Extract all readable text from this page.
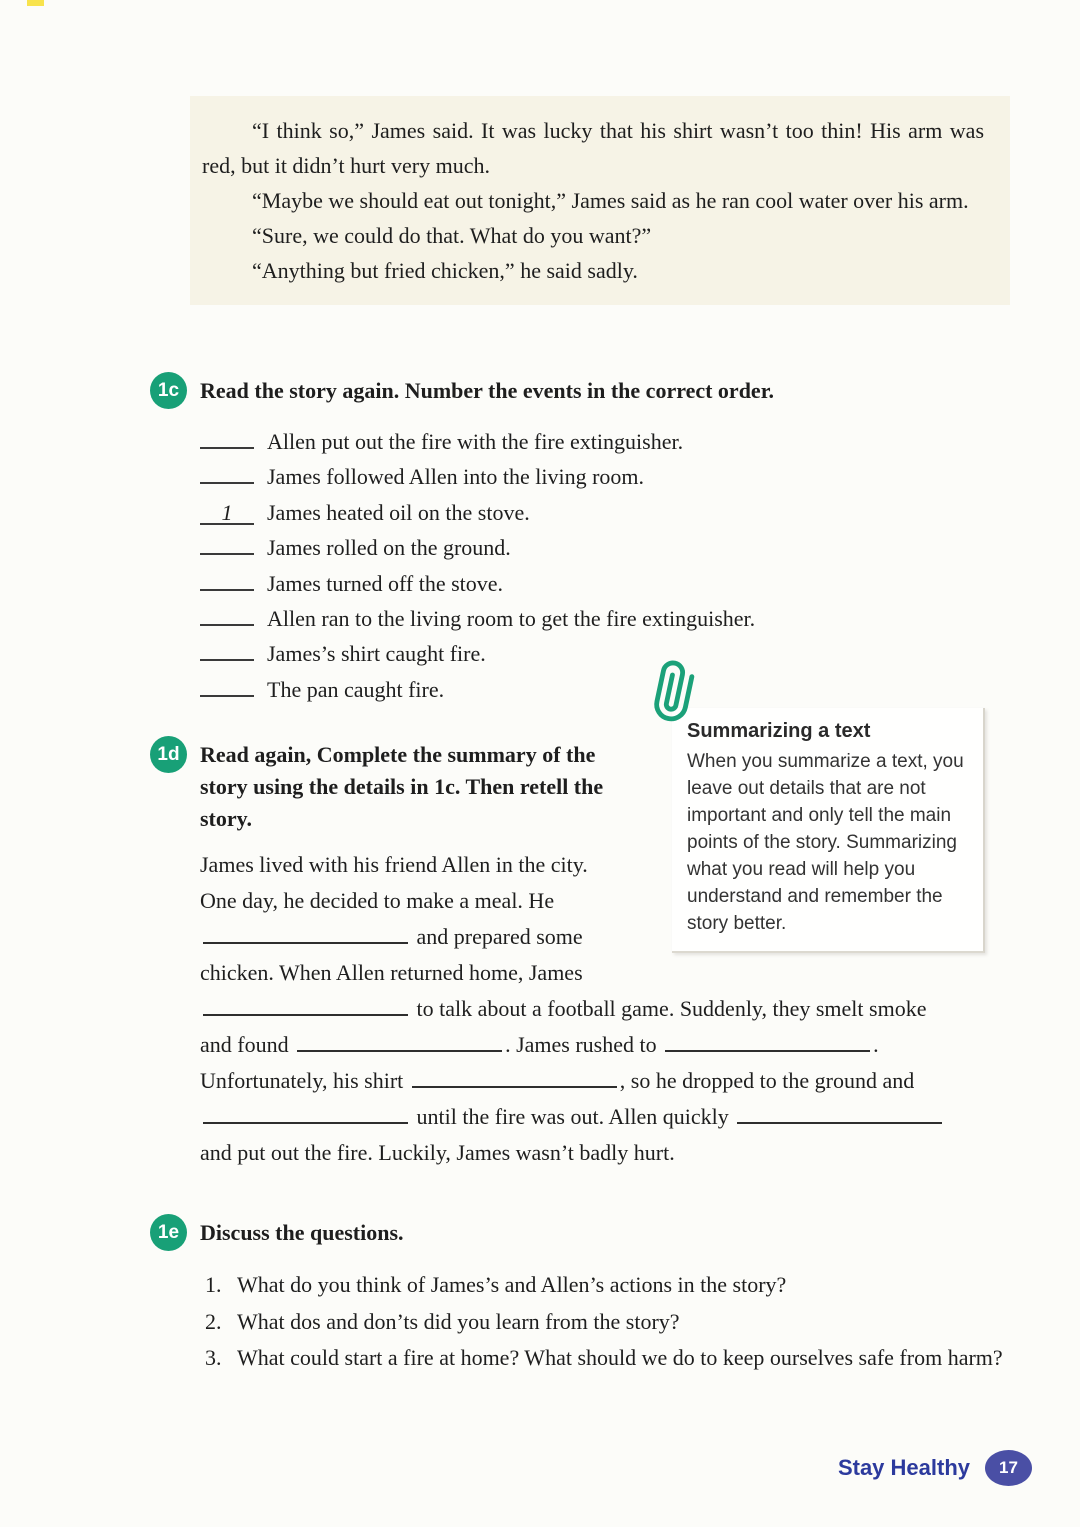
“I think so,” James said. It was lucky that his shirt wasn’t too thin! His arm was red, but it didn’t hurt very much.

“Maybe we should eat out tonight,” James said as he ran cool water over his arm.

“Sure, we could do that. What do you want?”

“Anything but fried chicken,” he said sadly.

1c Read the story again. Number the events in the correct order.
Allen put out the fire with the fire extinguisher.
James followed Allen into the living room.
1 James heated oil on the stove.
James rolled on the ground.
James turned off the stove.
Allen ran to the living room to get the fire extinguisher.
James’s shirt caught fire.
The pan caught fire.

Summarizing a text

When you summarize a text, you leave out details that are not important and only tell the main points of the story. Summarizing what you read will help you understand and remember the story better.

1d Read again, Complete the summary of the story using the details in 1c. Then retell the story.
James lived with his friend Allen in the city. One day, he decided to make a meal. He  and prepared some chicken. When Allen returned home, James  to talk about a football game. Suddenly, they smelt smoke and found	. James rushed to	. Unfortunately, his shirt	, so he dropped to the ground and  until the fire was out. Allen quickly  and put out the fire. Luckily, James wasn’t badly hurt.
1e Discuss the questions.
1. What do you think of James’s and Allen’s actions in the story?
2. What dos and don’ts did you learn from the story?
3. What could start a fire at home? What should we do to keep ourselves safe from harm?
Stay Healthy	17
